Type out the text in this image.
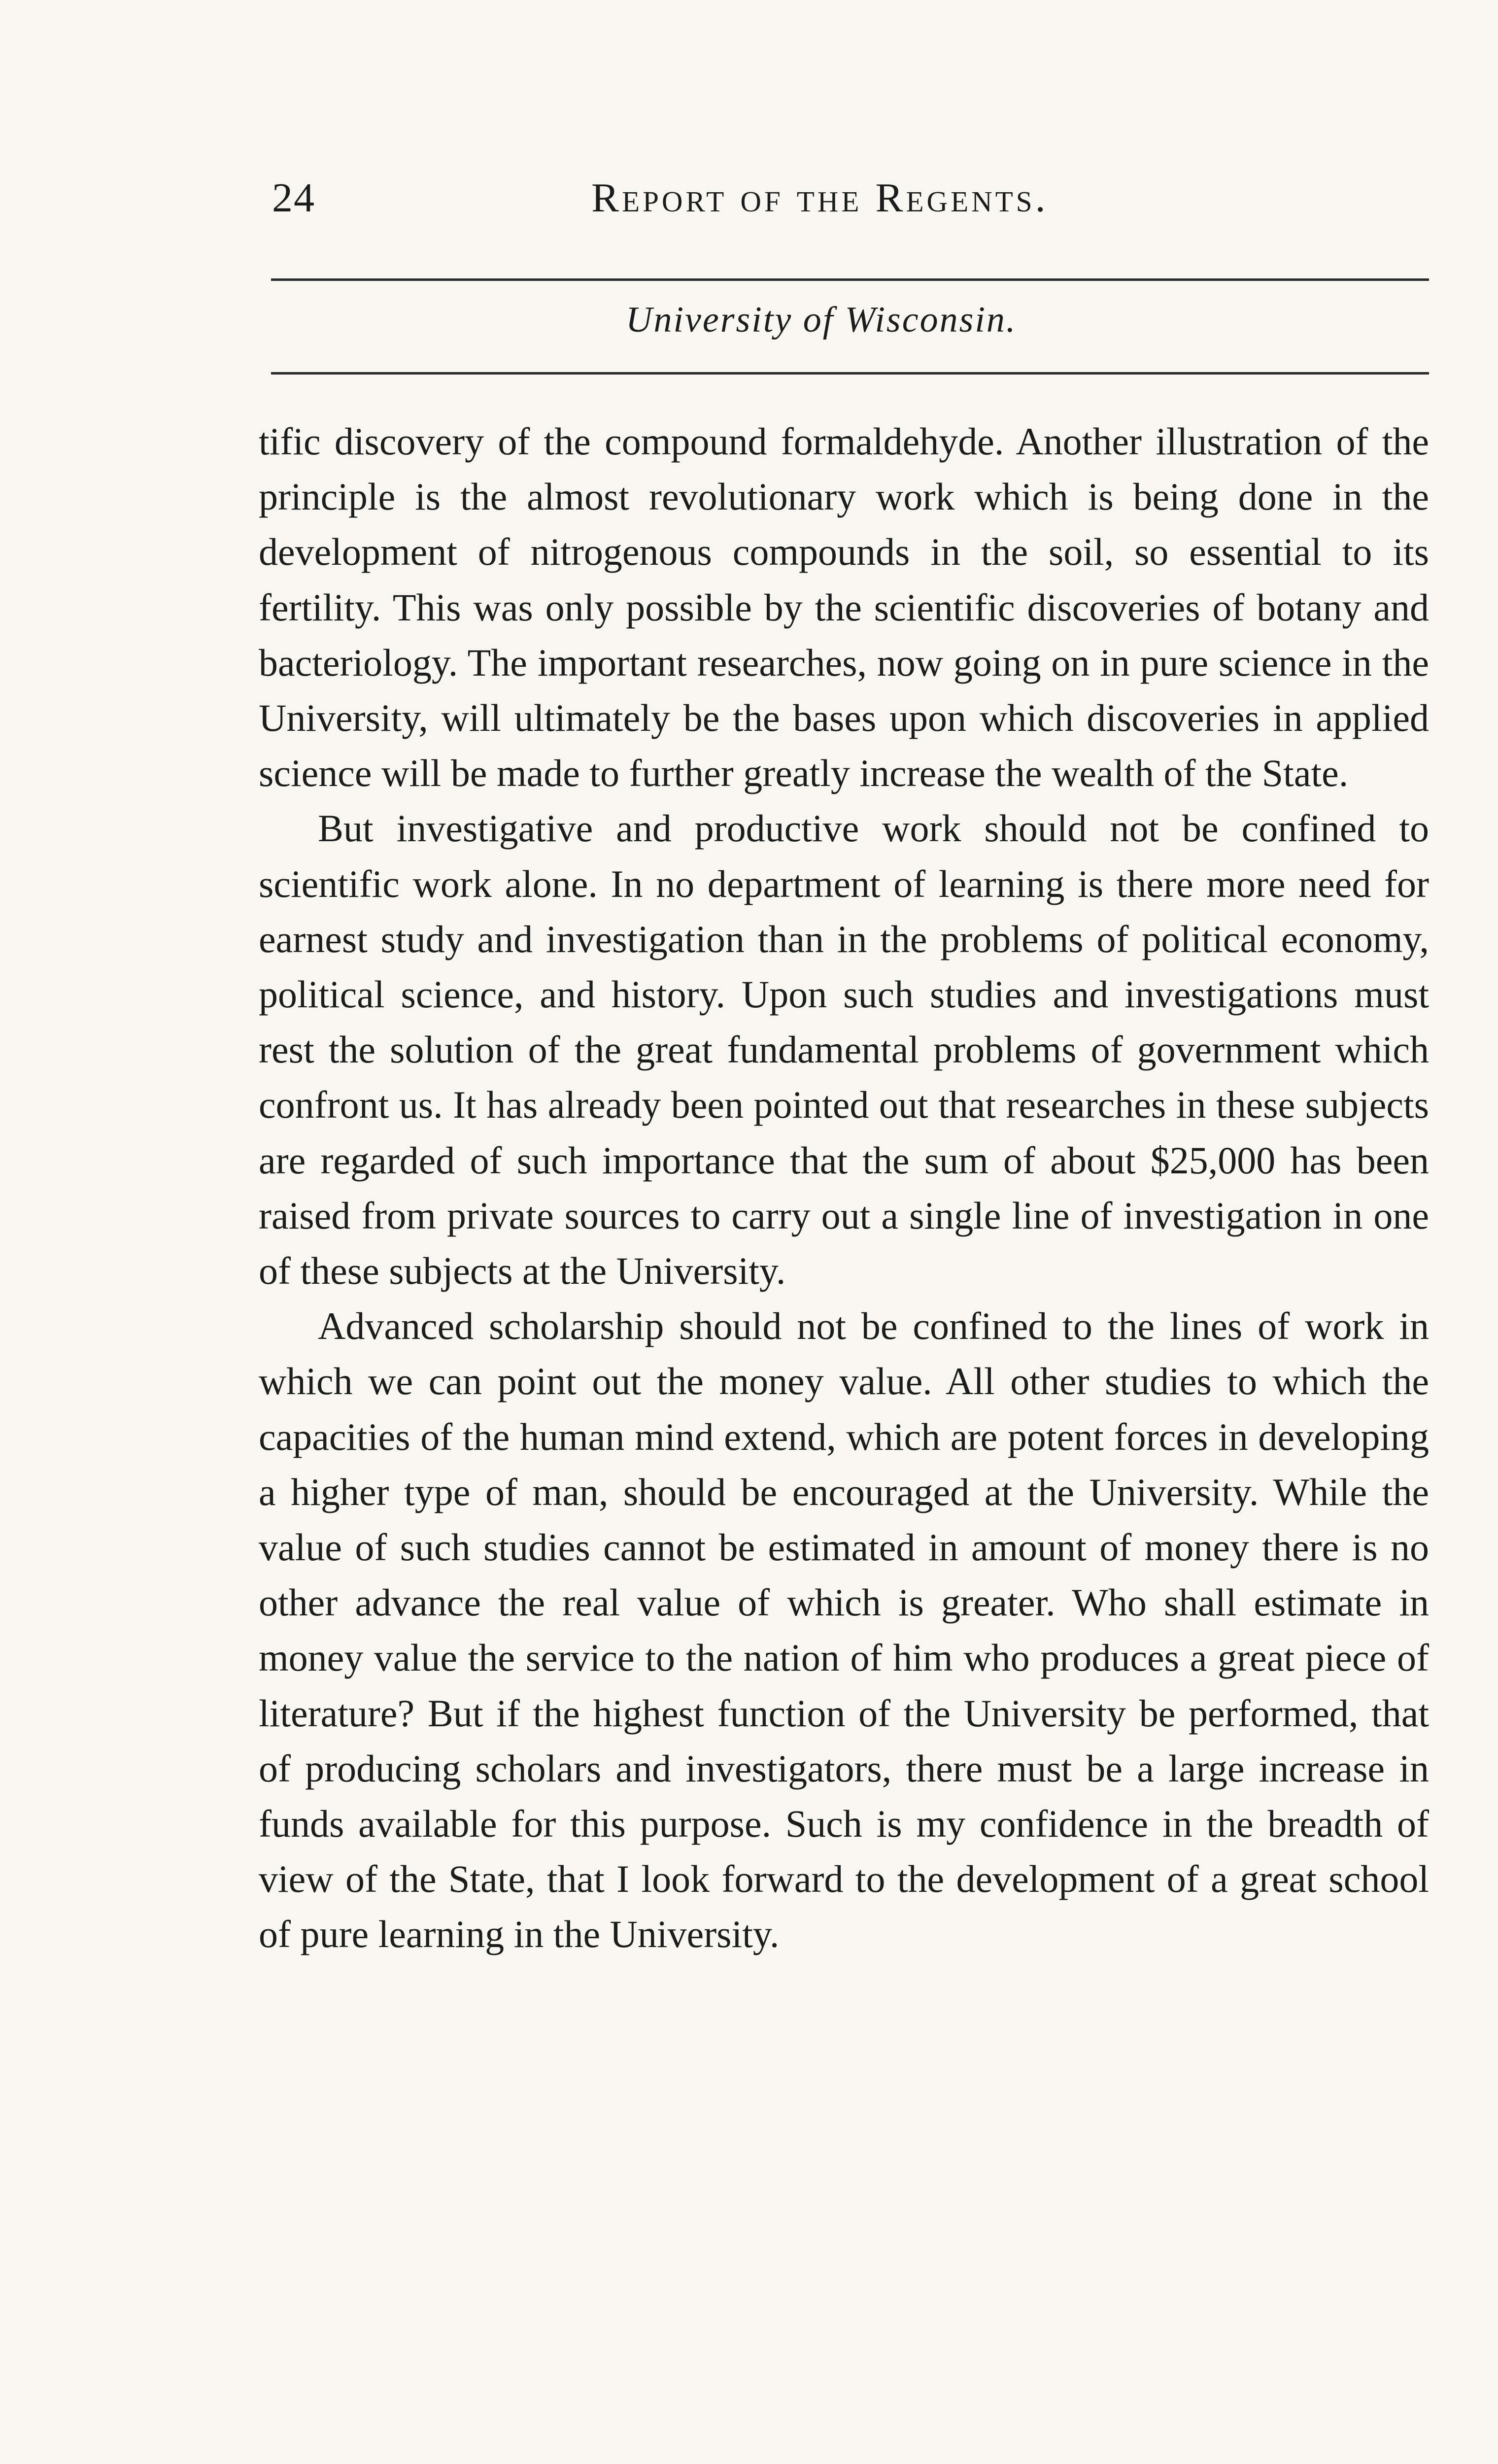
24	Report of the Regents.
University of Wisconsin.

tific discovery of the compound formaldehyde. Another illustration of the principle is the almost revolutionary work which is being done in the development of nitrogenous compounds in the soil, so essential to its fertility. This was only possible by the scientific discoveries of botany and bacteriology. The important researches, now going on in pure science in the University, will ultimately be the bases upon which discoveries in applied science will be made to further greatly increase the wealth of the State.

But investigative and productive work should not be confined to scientific work alone. In no department of learning is there more need for earnest study and investigation than in the problems of political economy, political science, and history. Upon such studies and investigations must rest the solution of the great fundamental problems of government which confront us. It has already been pointed out that researches in these subjects are regarded of such importance that the sum of about $25,000 has been raised from private sources to carry out a single line of investigation in one of these subjects at the University.

Advanced scholarship should not be confined to the lines of work in which we can point out the money value. All other studies to which the capacities of the human mind extend, which are potent forces in developing a higher type of man, should be encouraged at the University. While the value of such studies cannot be estimated in amount of money there is no other advance the real value of which is greater. Who shall estimate in money value the service to the nation of him who produces a great piece of literature? But if the highest function of the University be performed, that of producing scholars and investigators, there must be a large increase in funds available for this purpose. Such is my confidence in the breadth of view of the State, that I look forward to the development of a great school of pure learning in the University.
